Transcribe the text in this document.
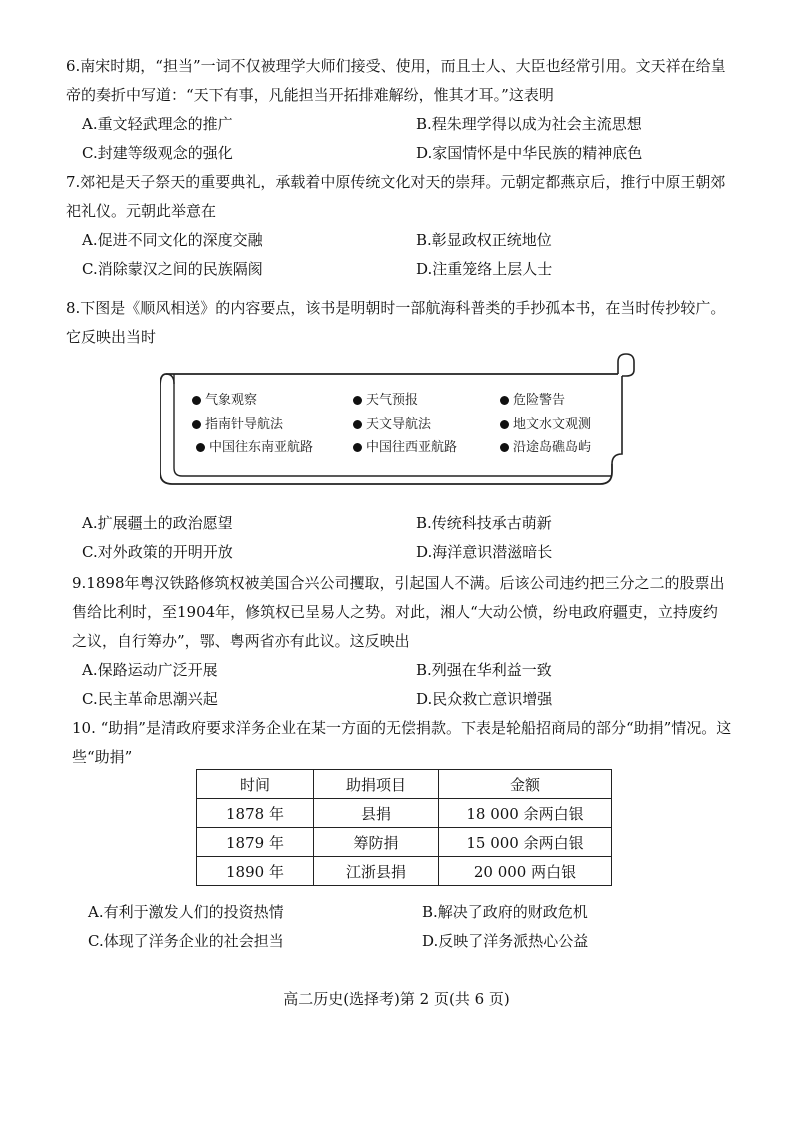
6.南宋时期，“担当”一词不仅被理学大师们接受、使用，而且士人、大臣也经常引用。文天祥在给皇帝的奏折中写道：“天下有事，凡能担当开拓排难解纷，惟其才耳。”这表明
A.重文轻武理念的推广	B.程朱理学得以成为社会主流思想
C.封建等级观念的强化	D.家国情怀是中华民族的精神底色
7.郊祀是天子祭天的重要典礼，承载着中原传统文化对天的崇拜。元朝定都燕京后，推行中原王朝郊祀礼仪。元朝此举意在
A.促进不同文化的深度交融	B.彰显政权正统地位
C.消除蒙汉之间的民族隔阂	D.注重笼络上层人士
8.下图是《顺风相送》的内容要点，该书是明朝时一部航海科普类的手抄孤本书，在当时传抄较广。它反映出当时
气象观察	天气预报	危险警告
指南针导航法	天文导航法	地文水文观测
中国往东南亚航路	中国往西亚航路	沿途岛礁岛屿
A.扩展疆土的政治愿望	B.传统科技承古萌新
C.对外政策的开明开放	D.海洋意识潜滋暗长
9.1898年粤汉铁路修筑权被美国合兴公司攫取，引起国人不满。后该公司违约把三分之二的股票出售给比利时，至1904年，修筑权已呈易人之势。对此，湘人“大动公愤，纷电政府疆吏，立持废约之议，自行筹办”，鄂、粤两省亦有此议。这反映出
A.保路运动广泛开展	B.列强在华利益一致
C.民主革命思潮兴起	D.民众救亡意识增强
10. “助捐”是清政府要求洋务企业在某一方面的无偿捐款。下表是轮船招商局的部分“助捐”情况。这些“助捐”
时间	助捐项目	金额
1878 年	县捐	18 000 余两白银
1879 年	筹防捐	15 000 余两白银
1890 年	江浙县捐	20 000 两白银
A.有利于激发人们的投资热情	B.解决了政府的财政危机
C.体现了洋务企业的社会担当	D.反映了洋务派热心公益
高二历史(选择考)第 2 页(共 6 页)
